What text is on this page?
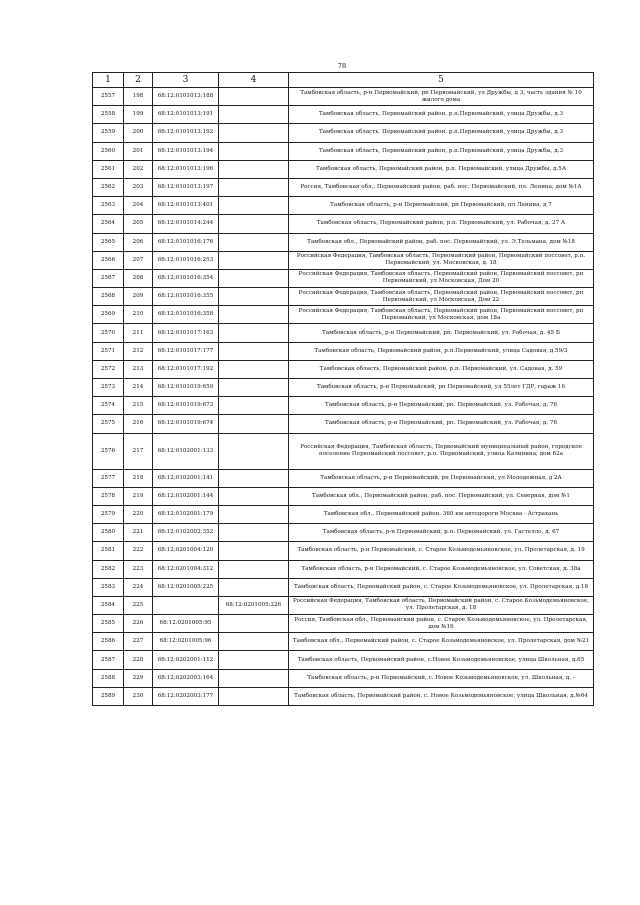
78
1	2	3	4	5
2557	198	68:12:0101013:188		Тамбовская область, р-н Первомайский, рп Первомайский, ул Дружбы, д 3, часть здания № 10 жилого дома
2558	199	68:12:0101013:191		Тамбовская область, Первомайский район, р.п.Первомайский, улица Дружбы, д.3
2559	200	68:12:0101013:192		Тамбовская область, Первомайский район, р.п.Первомайский, улица Дружбы, д.3
2560	201	68:12:0101013:194		Тамбовская область, Первомайский район, р.п.Первомайский, улица Дружбы, д.3
2561	202	68:12:0101013:196		Тамбовская область, Первомайский район, р.п. Первомайский, улица Дружбы, д.5А
2562	203	68:12:0101013:197		Россия, Тамбовская обл., Первомайский район, раб. пос. Первомайский, пл. Ленина, дом №1А
2563	204	68:12:0101013:401		Тамбовская область, р-н Первомайский, рп Первомайский, пл Ленина, д 7
2564	205	68:12:0101014:244		Тамбовская область, Первомайский район, р.п. Первомайский, ул. Рабочая, д. 27 А
2565	206	68:12:0101016:176		Тамбовская обл., Первомайский район, раб. пос. Первомайский, ул. Э.Тельмана, дом №18
2566	207	68:12:0101016:253		Российская Федерация, Тамбовская область, Первомайский район, Первомайский поссовет, р.п. Первомайский, ул. Московская, д. 18
2567	208	68:12:0101016:354		Российская Федерация, Тамбовская область, Первомайский район, Первомайский поссовет, рп Первомайский, ул Московская, Дом 20
2568	209	68:12:0101016:355		Российская Федерация, Тамбовская область, Первомайский район, Первомайский поссовет, рп Первомайский, ул Московская, Дом 22
2569	210	68:12:0101016:358		Российская Федерация, Тамбовская область, Первомайский район, Первомайский поссовет, рп Первомайский, ул Московская, дом 18а
2570	211	68:12:0101017:163		Тамбовская область, р-н Первомайский, рп. Первомайский, ул. Рабочая, д. 45 Б
2571	212	68:12:0101017:177		Тамбовская область, Первомайский район, р.п.Первомайский, улица Садовая, д.59/3
2572	213	68:12:0101017:192		Тамбовская область, Первомайский район, р.п. Первомайский, ул. Садовая, д. 59
2573	214	68:12:0101019:659		Тамбовская область, р-н Первомайский, рп Первомайский, ул 55лет ГДР, гараж 16
2574	215	68:12:0101019:673		Тамбовская область, р-н Первомайский, рп. Первомайский, ул. Рабочая, д. 76
2575	216	68:12:0101019:674		Тамбовская область, р-н Первомайский, рп. Первомайский, ул. Рабочая, д. 76
2576	217	68:12:0102001:133		Российская Федерация, Тамбовская область, Первомайский муниципальный район, городское поселение Первомайский поссовет, р.п. Первомайский, улица Калинина, дом 62а
2577	218	68:12:0102001:141		Тамбовская область, р-н Первомайский, рп Первомайский, ул Молодежная, д 2А
2578	219	68:12:0102001:144		Тамбовская обл., Первомайский район, раб. пос. Первомайский, ул. Северная, дом №1
2579	220	68:12:0102001:179		Тамбовская обл., Первомайский район. 360 км автодороги Москва - Астрахань
2580	221	68:12:0102002:352		Тамбовская область, р-н Первомайский, р.п. Первомайский, ул. Гастелло, д. 67
2581	222	68:12:0201004:120		Тамбовская область, р-н Первомайский, с. Старое Козьмодемьяновское, ул. Пролетарская, д. 19
2582	223	68:12:0201004:312		Тамбовская область, р-н Первомайский, с. Старое Козьмодемьяновское, ул. Советская, д. 38а
2583	224	68:12:0201005:225		Тамбовская область, Первомайский район, с. Старое Козьмодемьяновское, ул. Пролетарская, д.18
2584	225		68:12:0201005:226	Российская Федерация, Тамбовская область, Первомайский район, с. Старое Козьмодемьяновское, ул. Пролетарская, д. 18
2585	226	68:12:0201005:95		Россия, Тамбовская обл., Первомайский район, с. Старое Козьмодемьяновское, ул. Пролетарская, дом №16
2586	227	68:12:0201005:96		Тамбовская обл., Первомайский район, с. Старое Козьмодемьяновское, ул. Пролетарская, дом №21
2587	228	68:12:0202001:112		Тамбовская область, Первомайский район, с.Новое Козьмодемьяновское, улица Школьная, д.65
2588	229	68:12:0202003:164		Тамбовская область, р-н Первомайский, с. Новое Козьмодемьяновское, ул. Школьная, д. -
2589	230	68:12:0202003:177		Тамбовская область, Первомайский район, с. Новое Козьмодемьяновское, улица Школьная, д.№64
